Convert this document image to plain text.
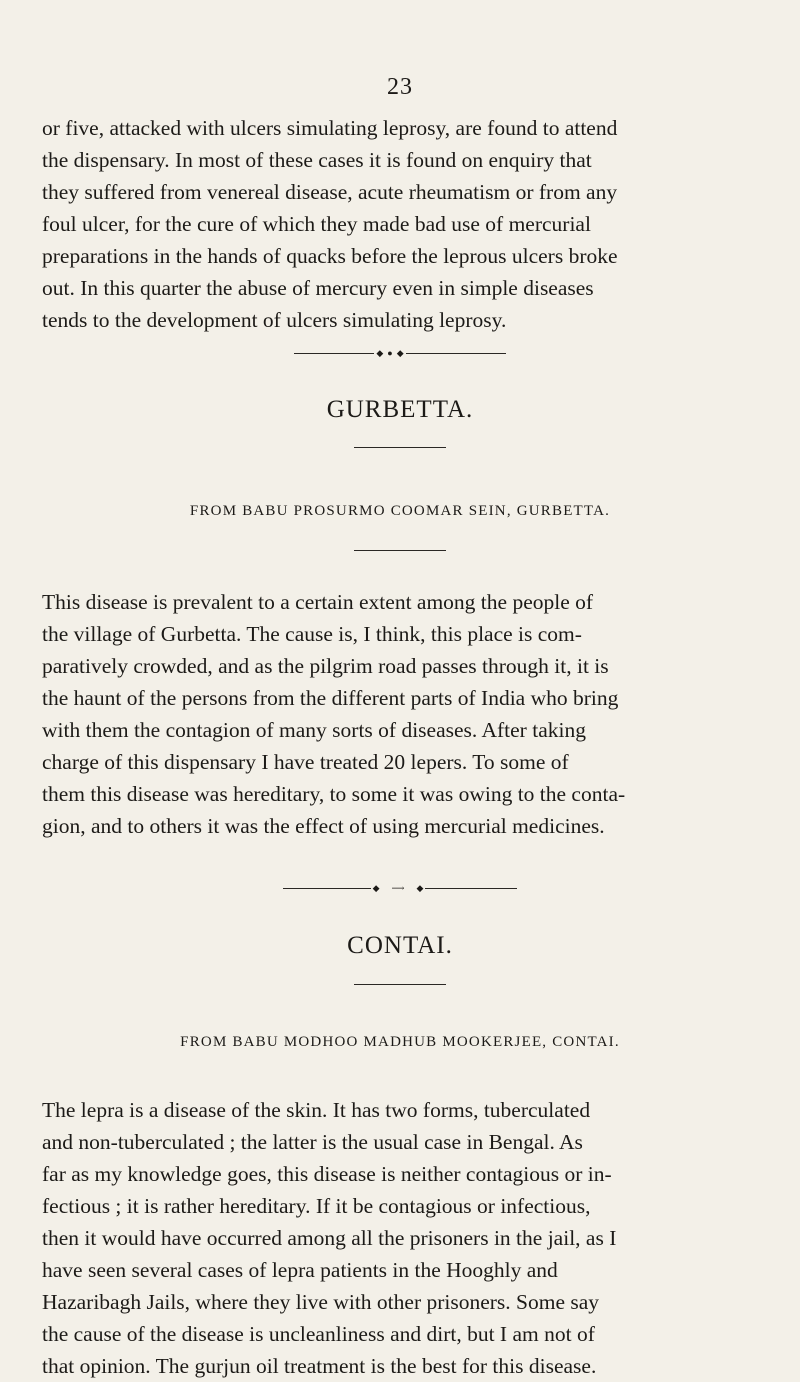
23
or five, attacked with ulcers simulating leprosy, are found to attend
the dispensary. In most of these cases it is found on enquiry that
they suffered from venereal disease, acute rheumatism or from any
foul ulcer, for the cure of which they made bad use of mercurial
preparations in the hands of quacks before the leprous ulcers broke
out. In this quarter the abuse of mercury even in simple diseases
tends to the development of ulcers simulating leprosy.
◆ ● ◆
GURBETTA.
FROM BABU PROSURMO COOMAR SEIN, GURBETTA.
This disease is prevalent to a certain extent among the people of
the village of Gurbetta. The cause is, I think, this place is com-
paratively crowded, and as the pilgrim road passes through it, it is
the haunt of the persons from the different parts of India who bring
with them the contagion of many sorts of diseases. After taking
charge of this dispensary I have treated 20 lepers. To some of
them this disease was hereditary, to some it was owing to the conta-
gion, and to others it was the effect of using mercurial medicines.
◆ ⟶ ◆
CONTAI.
FROM BABU MODHOO MADHUB MOOKERJEE, CONTAI.
The lepra is a disease of the skin. It has two forms, tuberculated
and non-tuberculated ; the latter is the usual case in Bengal. As
far as my knowledge goes, this disease is neither contagious or in-
fectious ; it is rather hereditary. If it be contagious or infectious,
then it would have occurred among all the prisoners in the jail, as I
have seen several cases of lepra patients in the Hooghly and
Hazaribagh Jails, where they live with other prisoners. Some say
the cause of the disease is uncleanliness and dirt, but I am not of
that opinion. The gurjun oil treatment is the best for this disease.
